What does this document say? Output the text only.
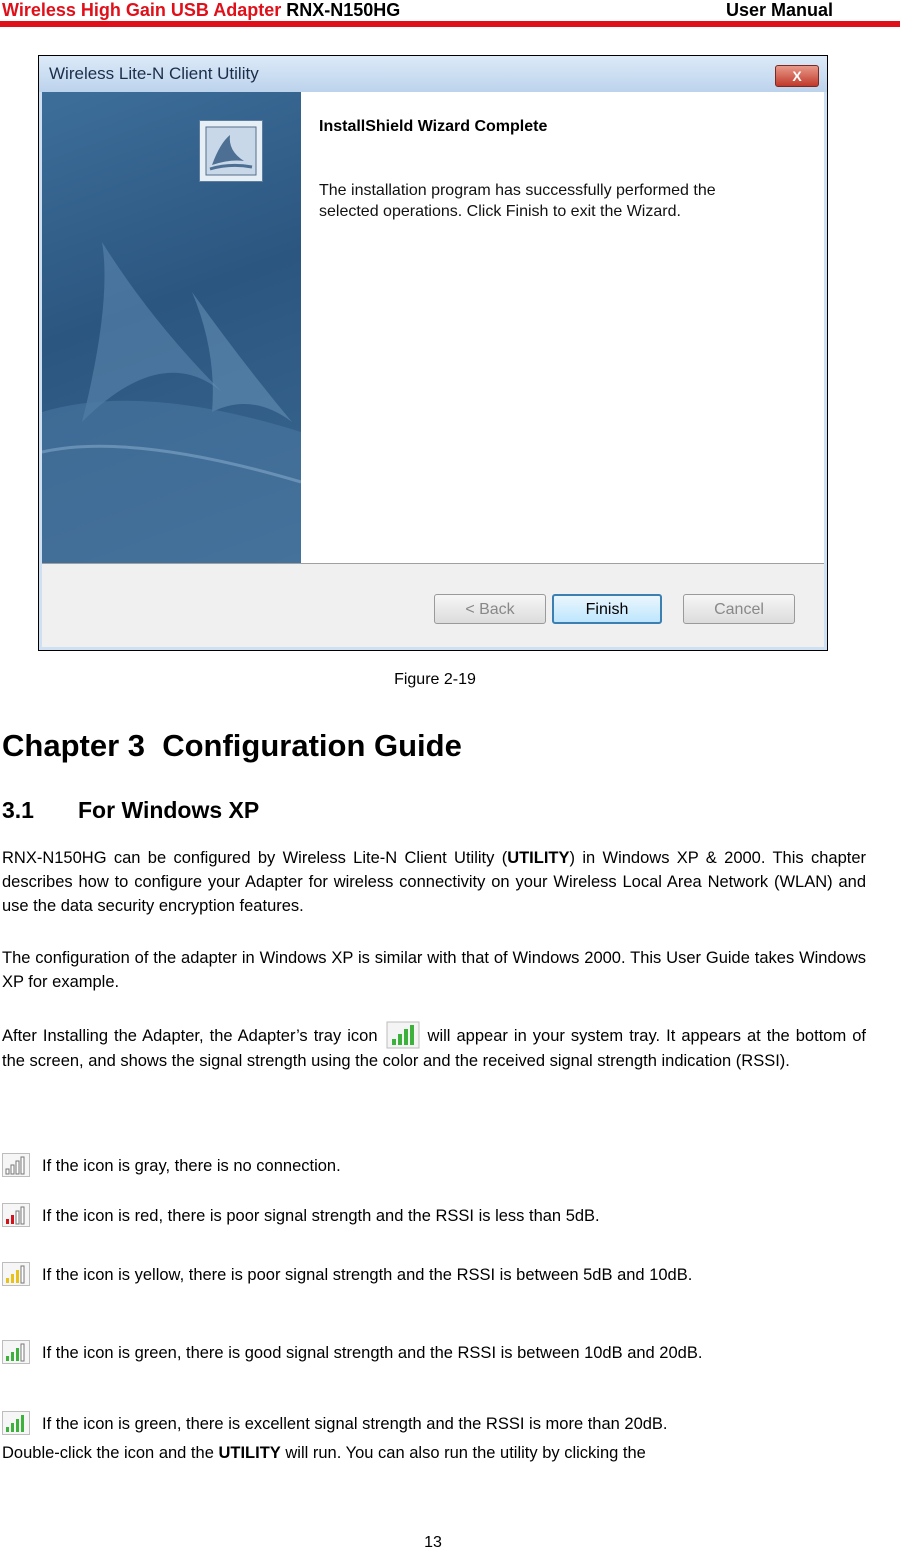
Wireless High Gain USB Adapter RNX-N150HG	User Manual
Wireless Lite-N Client Utility	X
InstallShield Wizard Complete
The installation program has successfully performed the selected operations. Click Finish to exit the Wizard.
< Back	Finish	Cancel
Figure 2-19
Chapter 3  Configuration Guide
3.1 For Windows XP
RNX-N150HG can be configured by Wireless Lite-N Client Utility (UTILITY) in Windows XP & 2000. This chapter describes how to configure your Adapter for wireless connectivity on your Wireless Local Area Network (WLAN) and use the data security encryption features.
The configuration of the adapter in Windows XP is similar with that of Windows 2000. This User Guide takes Windows XP for example.
After Installing the Adapter, the Adapter’s tray icon	will appear in your system tray. It appears at the bottom of the screen, and shows the signal strength using the color and the received signal strength indication (RSSI).
If the icon is gray, there is no connection.
If the icon is red, there is poor signal strength and the RSSI is less than 5dB.
If the icon is yellow, there is poor signal strength and the RSSI is between 5dB and 10dB.
If the icon is green, there is good signal strength and the RSSI is between 10dB and 20dB.
If the icon is green, there is excellent signal strength and the RSSI is more than 20dB.
Double-click the icon and the UTILITY will run. You can also run the utility by clicking the
13
